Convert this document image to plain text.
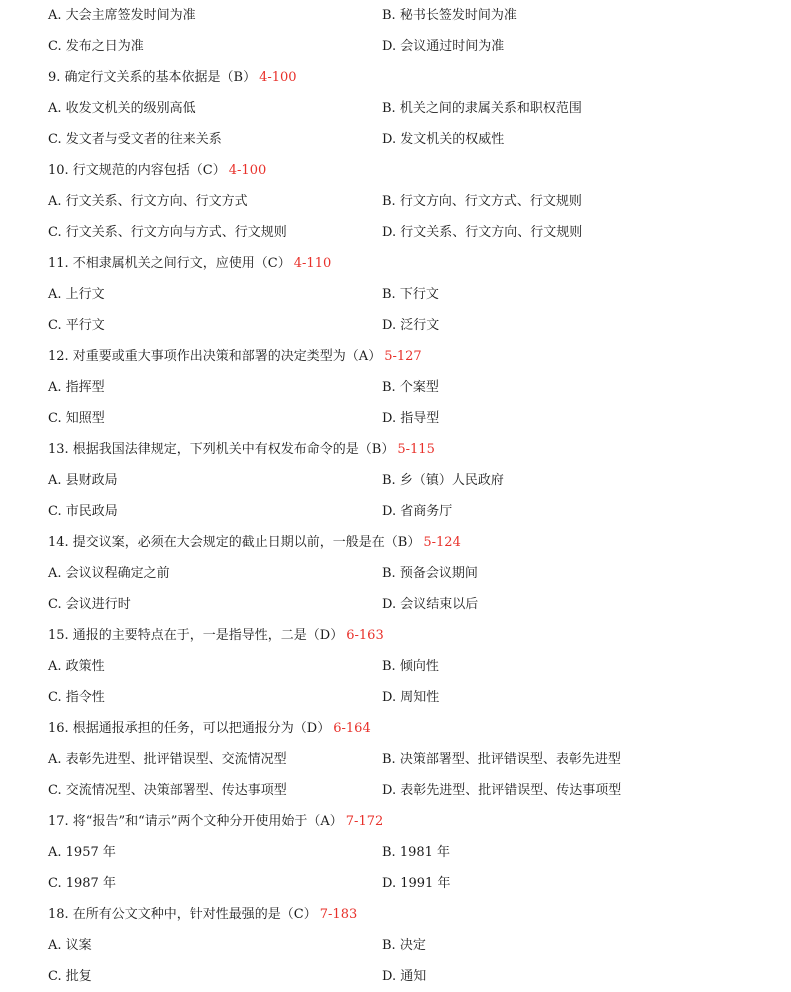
A. 大会主席签发时间为准	B. 秘书长签发时间为准
C. 发布之日为准	D. 会议通过时间为准
9. 确定行文关系的基本依据是（B） 4-100
A. 收发文机关的级别高低	B. 机关之间的隶属关系和职权范围
C. 发文者与受文者的往来关系	D. 发文机关的权威性
10. 行文规范的内容包括（C） 4-100
A. 行文关系、行文方向、行文方式	B. 行文方向、行文方式、行文规则
C. 行文关系、行文方向与方式、行文规则	D. 行文关系、行文方向、行文规则
11. 不相隶属机关之间行文，应使用（C） 4-110
A. 上行文	B. 下行文
C. 平行文	D. 泛行文
12. 对重要或重大事项作出决策和部署的决定类型为（A） 5-127
A. 指挥型	B. 个案型
C. 知照型	D. 指导型
13. 根据我国法律规定，下列机关中有权发布命令的是（B） 5-115
A. 县财政局	B. 乡（镇）人民政府
C. 市民政局	D. 省商务厅
14. 提交议案，必须在大会规定的截止日期以前，一般是在（B） 5-124
A. 会议议程确定之前	B. 预备会议期间
C. 会议进行时	D. 会议结束以后
15. 通报的主要特点在于，一是指导性，二是（D） 6-163
A. 政策性	B. 倾向性
C. 指令性	D. 周知性
16. 根据通报承担的任务，可以把通报分为（D） 6-164
A. 表彰先进型、批评错误型、交流情况型	B. 决策部署型、批评错误型、表彰先进型
C. 交流情况型、决策部署型、传达事项型	D. 表彰先进型、批评错误型、传达事项型
17. 将“报告”和“请示”两个文种分开使用始于（A） 7-172
A. 1957 年	B. 1981 年
C. 1987 年	D. 1991 年
18. 在所有公文文种中，针对性最强的是（C） 7-183
A. 议案	B. 决定
C. 批复	D. 通知
